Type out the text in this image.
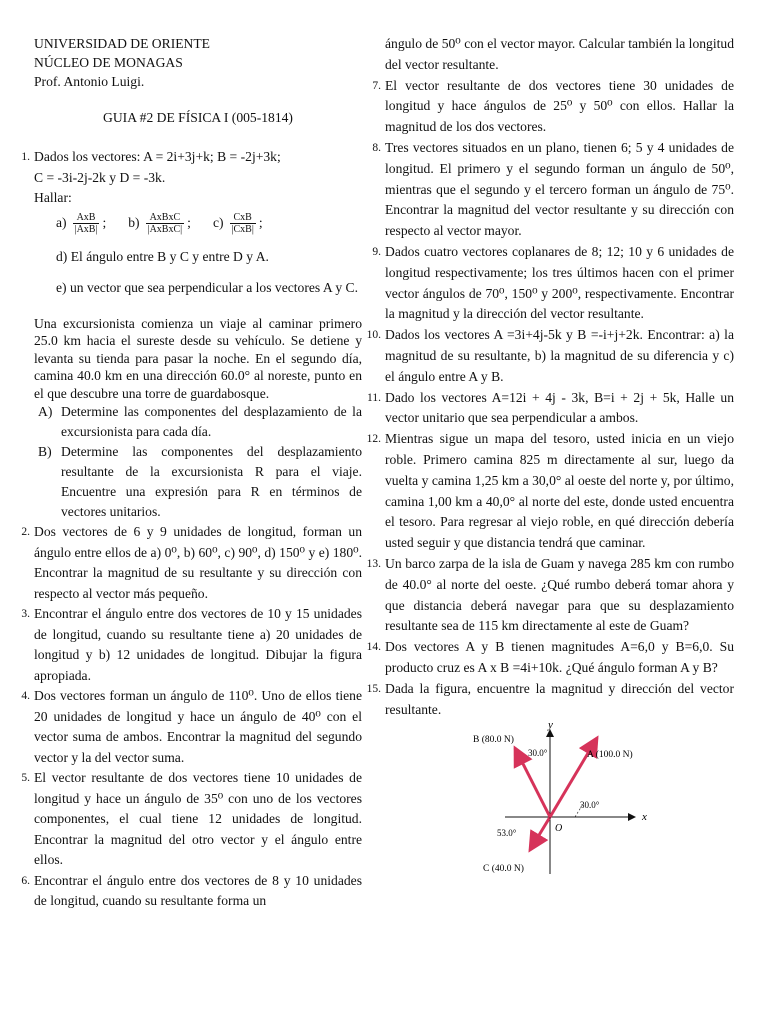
UNIVERSIDAD DE ORIENTE

NÚCLEO DE MONAGAS

Prof. Antonio Luigi.

GUIA #2 DE FÍSICA I (005-1814)

1. Dados los vectores: A = 2i+3j+k; B = -2j+3k;

C = -3i-2j-2k y D = -3k.

Hallar:

$a) \frac{\text{AxB}}{\text{|AxB|}}$ ; $b) \frac{\text{AxBxC}}{\text{|AxBxC|}}$ ; $c) \frac{\text{CxB}}{\text{|CxB|}}$ ;

d) El ángulo entre B y C y entre D y A.

e) un vector que sea perpendicular a los vectores A y C.

Una excursionista comienza un viaje al caminar primero 25.0 km hacia el sureste desde su vehículo. Se detiene y levanta su tienda para pasar la noche. En el segundo día, camina 40.0 km en una dirección 60.0° al noreste, punto en el que descubre una torre de guardabosque.

A) Determine las componentes del desplazamiento de la excursionista para cada día.
B) Determine las componentes del desplazamiento resultante de la excursionista R para el viaje. Encuentre una expresión para R en términos de vectores unitarios.
2. Dos vectores de 6 y 9 unidades de longitud, forman un ángulo entre ellos de a) 0⁰, b) 60⁰, c) 90⁰, d) 150⁰ y e) 180⁰. Encontrar la magnitud de su resultante y su dirección con respecto al vector más pequeño.
3. Encontrar el ángulo entre dos vectores de 10 y 15 unidades de longitud, cuando su resultante tiene a) 20 unidades de longitud y b) 12 unidades de longitud. Dibujar la figura apropiada.
4. Dos vectores forman un ángulo de 110⁰. Uno de ellos tiene 20 unidades de longitud y hace un ángulo de 40⁰ con el vector suma de ambos. Encontrar la magnitud del segundo vector y la del vector suma.
5. El vector resultante de dos vectores tiene 10 unidades de longitud y hace un ángulo de 35⁰ con uno de los vectores componentes, el cual tiene 12 unidades de longitud. Encontrar la magnitud del otro vector y el ángulo entre ellos.
6. Encontrar el ángulo entre dos vectores de 8 y 10 unidades de longitud, cuando su resultante forma un
ángulo de 50⁰ con el vector mayor. Calcular también la longitud del vector resultante.
7. El vector resultante de dos vectores tiene 30 unidades de longitud y hace ángulos de 25⁰ y 50⁰ con ellos. Hallar la magnitud de los dos vectores.
8. Tres vectores situados en un plano, tienen 6; 5 y 4 unidades de longitud. El primero y el segundo forman un ángulo de 50⁰, mientras que el segundo y el tercero forman un ángulo de 75⁰. Encontrar la magnitud del vector resultante y su dirección con respecto al vector mayor.
9. Dados cuatro vectores coplanares de 8; 12; 10 y 6 unidades de longitud respectivamente; los tres últimos hacen con el primer vector ángulos de 70⁰, 150⁰ y 200⁰, respectivamente. Encontrar la magnitud y la dirección del vector resultante.
10. Dados los vectores A =3i+4j-5k y B =-i+j+2k. Encontrar: a) la magnitud de su resultante, b) la magnitud de su diferencia y c) el ángulo entre A y B.
11. Dado los vectores A=12i + 4j - 3k, B=i + 2j + 5k, Halle un vector unitario que sea perpendicular a ambos.
12. Mientras sigue un mapa del tesoro, usted inicia en un viejo roble. Primero camina 825 m directamente al sur, luego da vuelta y camina 1,25 km a 30,0° al oeste del norte y, por último, camina 1,00 km a 40,0° al norte del este, donde usted encuentra el tesoro. Para regresar al viejo roble, en qué dirección debería usted seguir y que distancia tendrá que caminar.
13. Un barco zarpa de la isla de Guam y navega 285 km con rumbo de 40.0° al norte del oeste. ¿Qué rumbo deberá tomar ahora y que distancia deberá navegar para que su desplazamiento resultante sea de 115 km directamente al este de Guam?
14. Dos vectores A y B tienen magnitudes A=6,0 y B=6,0. Su producto cruz es A x B =4i+10k. ¿Qué ángulo forman A y B?
15. Dada la figura, encuentre la magnitud y dirección del vector resultante.
x
y
O
A (100.0 N)
B (80.0 N)
C (40.0 N)
30.0°
30.0°
53.0°
